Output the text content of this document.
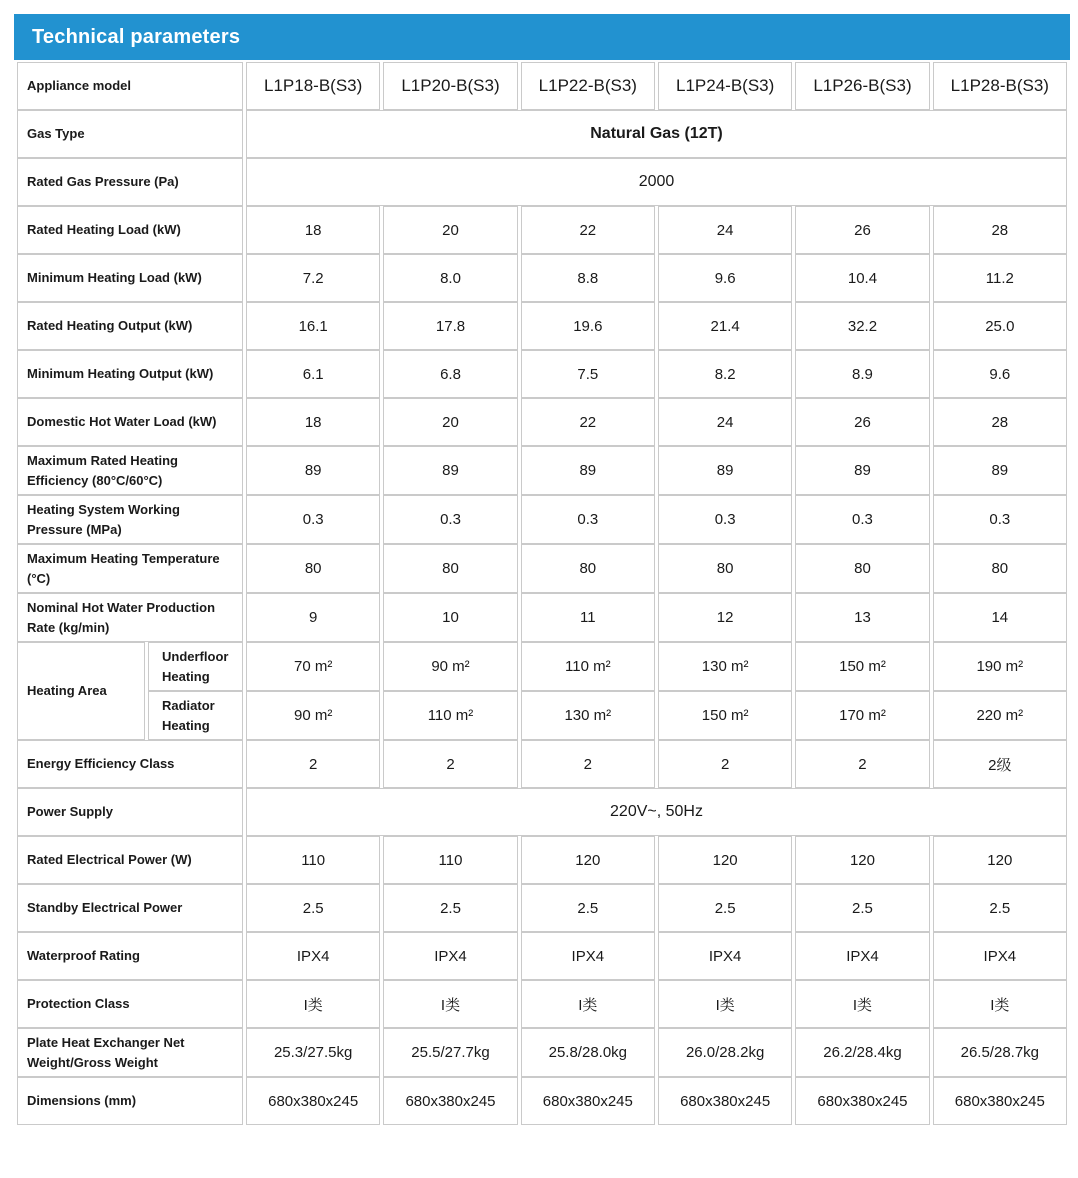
Technical parameters
Appliance model		L1P18-B(S3)	L1P20-B(S3)	L1P22-B(S3)	L1P24-B(S3)	L1P26-B(S3)	L1P28-B(S3)
Gas Type		Natural Gas (12T)					
Rated Gas Pressure (Pa)		2000					
Rated Heating Load (kW)		18	20	22	24	26	28
Minimum Heating Load (kW)		7.2	8.0	8.8	9.6	10.4	11.2
Rated Heating Output (kW)		16.1	17.8	19.6	21.4	32.2	25.0
Minimum Heating Output (kW)		6.1	6.8	7.5	8.2	8.9	9.6
Domestic Hot Water Load (kW)		18	20	22	24	26	28
Maximum Rated Heating Efficiency (80°C/60°C)		89	89	89	89	89	89
Heating System Working Pressure (MPa)		0.3	0.3	0.3	0.3	0.3	0.3
Maximum Heating Temperature (°C)		80	80	80	80	80	80
Nominal Hot Water Production Rate (kg/min)		9	10	11	12	13	14
Heating Area	Underfloor Heating	70 m²	90 m²	110 m²	130 m²	150 m²	190 m²
	Radiator Heating	90 m²	110 m²	130 m²	150 m²	170 m²	220 m²
Energy Efficiency Class		2	2	2	2	2	2级
Power Supply		220V~, 50Hz					
Rated Electrical Power (W)		110	110	120	120	120	120
Standby Electrical Power		2.5	2.5	2.5	2.5	2.5	2.5
Waterproof Rating		IPX4	IPX4	IPX4	IPX4	IPX4	IPX4
Protection Class		I类	I类	I类	I类	I类	I类
Plate Heat Exchanger Net Weight/Gross Weight		25.3/27.5kg	25.5/27.7kg	25.8/28.0kg	26.0/28.2kg	26.2/28.4kg	26.5/28.7kg
Dimensions (mm)		680x380x245	680x380x245	680x380x245	680x380x245	680x380x245	680x380x245
